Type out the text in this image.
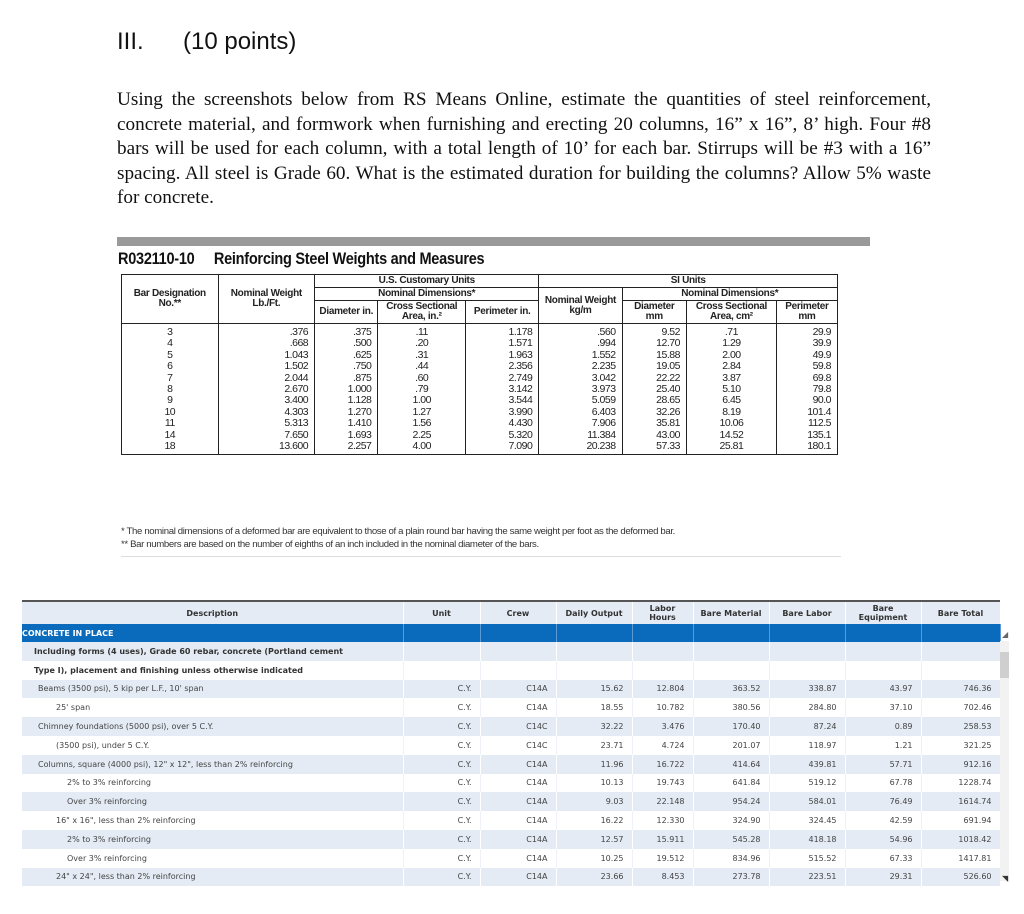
III. (10 points)
Using the screenshots below from RS Means Online, estimate the quantities of steel reinforcement, concrete material, and formwork when furnishing and erecting 20 columns, 16” x 16”, 8’ high. Four #8 bars will be used for each column, with a total length of 10’ for each bar. Stirrups will be #3 with a 16” spacing. All steel is Grade 60. What is the estimated duration for building the columns? Allow 5% waste for concrete.
R032110-10 Reinforcing Steel Weights and Measures
Bar Designation No.**	Nominal Weight Lb./Ft.	U.S. Customary Units			SI Units			
		Nominal Dimensions*			Nominal Weight kg/m	Nominal Dimensions*		
		Diameter in.	Cross Sectional Area, in.²	Perimeter in.		Diameter mm	Cross Sectional Area, cm²	Perimeter mm
3	.376	.375	.11	1.178	.560	9.52	.71	29.9
4	.668	.500	.20	1.571	.994	12.70	1.29	39.9
5	1.043	.625	.31	1.963	1.552	15.88	2.00	49.9
6	1.502	.750	.44	2.356	2.235	19.05	2.84	59.8
7	2.044	.875	.60	2.749	3.042	22.22	3.87	69.8
8	2.670	1.000	.79	3.142	3.973	25.40	5.10	79.8
9	3.400	1.128	1.00	3.544	5.059	28.65	6.45	90.0
10	4.303	1.270	1.27	3.990	6.403	32.26	8.19	101.4
11	5.313	1.410	1.56	4.430	7.906	35.81	10.06	112.5
14	7.650	1.693	2.25	5.320	11.384	43.00	14.52	135.1
18	13.600	2.257	4.00	7.090	20.238	57.33	25.81	180.1
* The nominal dimensions of a deformed bar are equivalent to those of a plain round bar having the same weight per foot as the deformed bar.
** Bar numbers are based on the number of eighths of an inch included in the nominal diameter of the bars.
Description	Unit	Crew	Daily Output	Labor Hours	Bare Material	Bare Labor	Bare Equipment	Bare Total
CONCRETE IN PLACE								
Including forms (4 uses), Grade 60 rebar, concrete (Portland cement								
Type I), placement and finishing unless otherwise indicated								
Beams (3500 psi), 5 kip per L.F., 10' span	C.Y.	C14A	15.62	12.804	363.52	338.87	43.97	746.36
25' span	C.Y.	C14A	18.55	10.782	380.56	284.80	37.10	702.46
Chimney foundations (5000 psi), over 5 C.Y.	C.Y.	C14C	32.22	3.476	170.40	87.24	0.89	258.53
(3500 psi), under 5 C.Y.	C.Y.	C14C	23.71	4.724	201.07	118.97	1.21	321.25
Columns, square (4000 psi), 12" x 12", less than 2% reinforcing	C.Y.	C14A	11.96	16.722	414.64	439.81	57.71	912.16
2% to 3% reinforcing	C.Y.	C14A	10.13	19.743	641.84	519.12	67.78	1228.74
Over 3% reinforcing	C.Y.	C14A	9.03	22.148	954.24	584.01	76.49	1614.74
16" x 16", less than 2% reinforcing	C.Y.	C14A	16.22	12.330	324.90	324.45	42.59	691.94
2% to 3% reinforcing	C.Y.	C14A	12.57	15.911	545.28	418.18	54.96	1018.42
Over 3% reinforcing	C.Y.	C14A	10.25	19.512	834.96	515.52	67.33	1417.81
24" x 24", less than 2% reinforcing	C.Y.	C14A	23.66	8.453	273.78	223.51	29.31	526.60
◢
◥
